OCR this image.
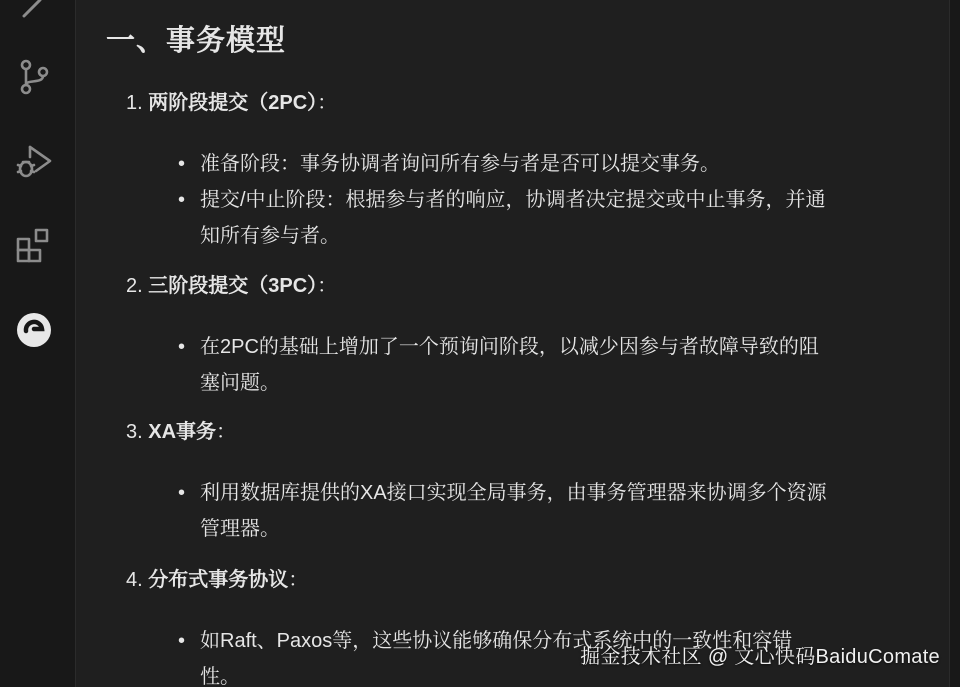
一、事务模型
1. 两阶段提交（2PC）：
• 准备阶段：事务协调者询问所有参与者是否可以提交事务。
• 提交/中止阶段：根据参与者的响应，协调者决定提交或中止事务，并通
知所有参与者。
2. 三阶段提交（3PC）：
• 在2PC的基础上增加了一个预询问阶段，以减少因参与者故障导致的阻
塞问题。
3. XA事务：
• 利用数据库提供的XA接口实现全局事务，由事务管理器来协调多个资源
管理器。
4. 分布式事务协议：
• 如Raft、Paxos等，这些协议能够确保分布式系统中的一致性和容错
性。
掘金技术社区 @ 文心快码BaiduComate
